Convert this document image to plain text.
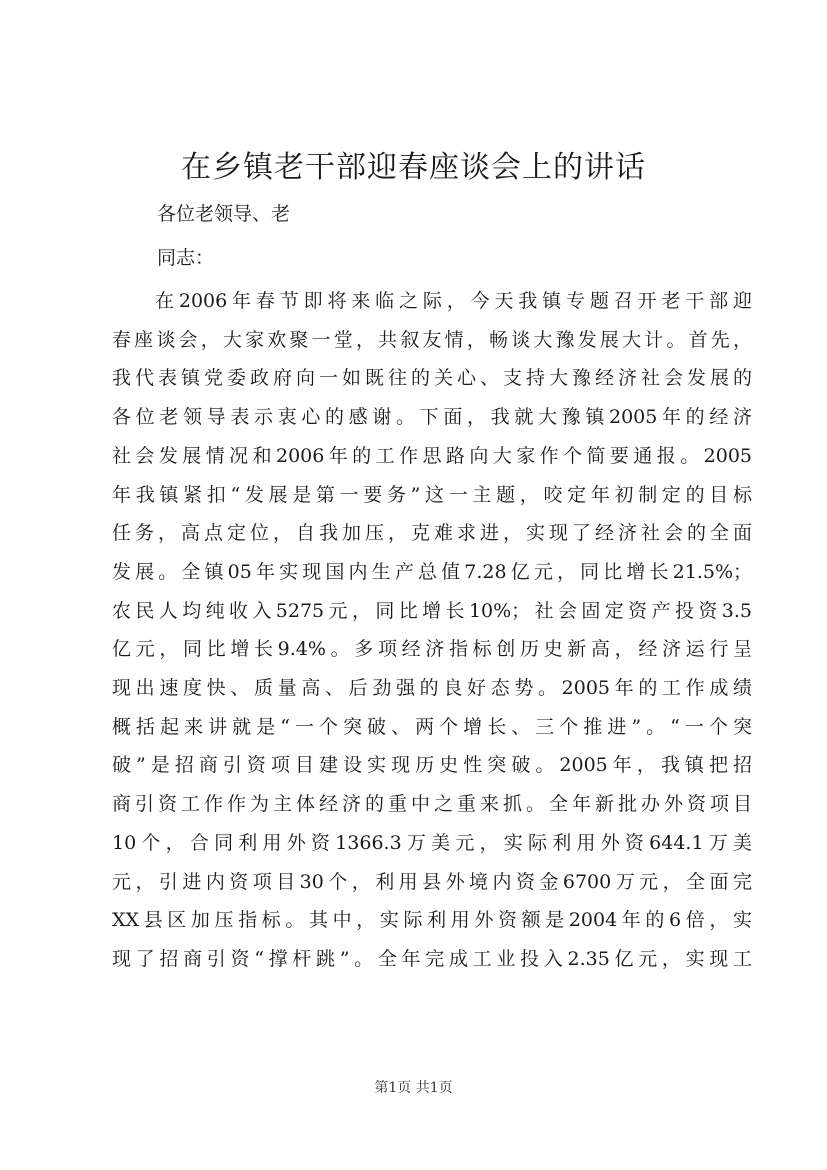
在乡镇老干部迎春座谈会上的讲话
各位老领导、老
同志：
在2006年春节即将来临之际，今天我镇专题召开老干部迎
春座谈会，大家欢聚一堂，共叙友情，畅谈大豫发展大计。首先，
我代表镇党委政府向一如既往的关心、支持大豫经济社会发展的
各位老领导表示衷心的感谢。下面，我就大豫镇2005年的经济
社会发展情况和2006年的工作思路向大家作个简要通报。2005
年我镇紧扣“发展是第一要务”这一主题，咬定年初制定的目标
任务，高点定位，自我加压，克难求进，实现了经济社会的全面
发展。全镇05年实现国内生产总值7.28亿元，同比增长21.5%；
农民人均纯收入5275元，同比增长10%；社会固定资产投资3.5
亿元，同比增长9.4%。多项经济指标创历史新高，经济运行呈
现出速度快、质量高、后劲强的良好态势。2005年的工作成绩
概括起来讲就是“一个突破、两个增长、三个推进”。“一个突
破”是招商引资项目建设实现历史性突破。2005年，我镇把招
商引资工作作为主体经济的重中之重来抓。全年新批办外资项目
10个，合同利用外资1366.3万美元，实际利用外资644.1万美
元，引进内资项目30个，利用县外境内资金6700万元，全面完
XX县区加压指标。其中，实际利用外资额是2004年的6倍，实
现了招商引资“撑杆跳”。全年完成工业投入2.35亿元，实现工
第1页 共1页
